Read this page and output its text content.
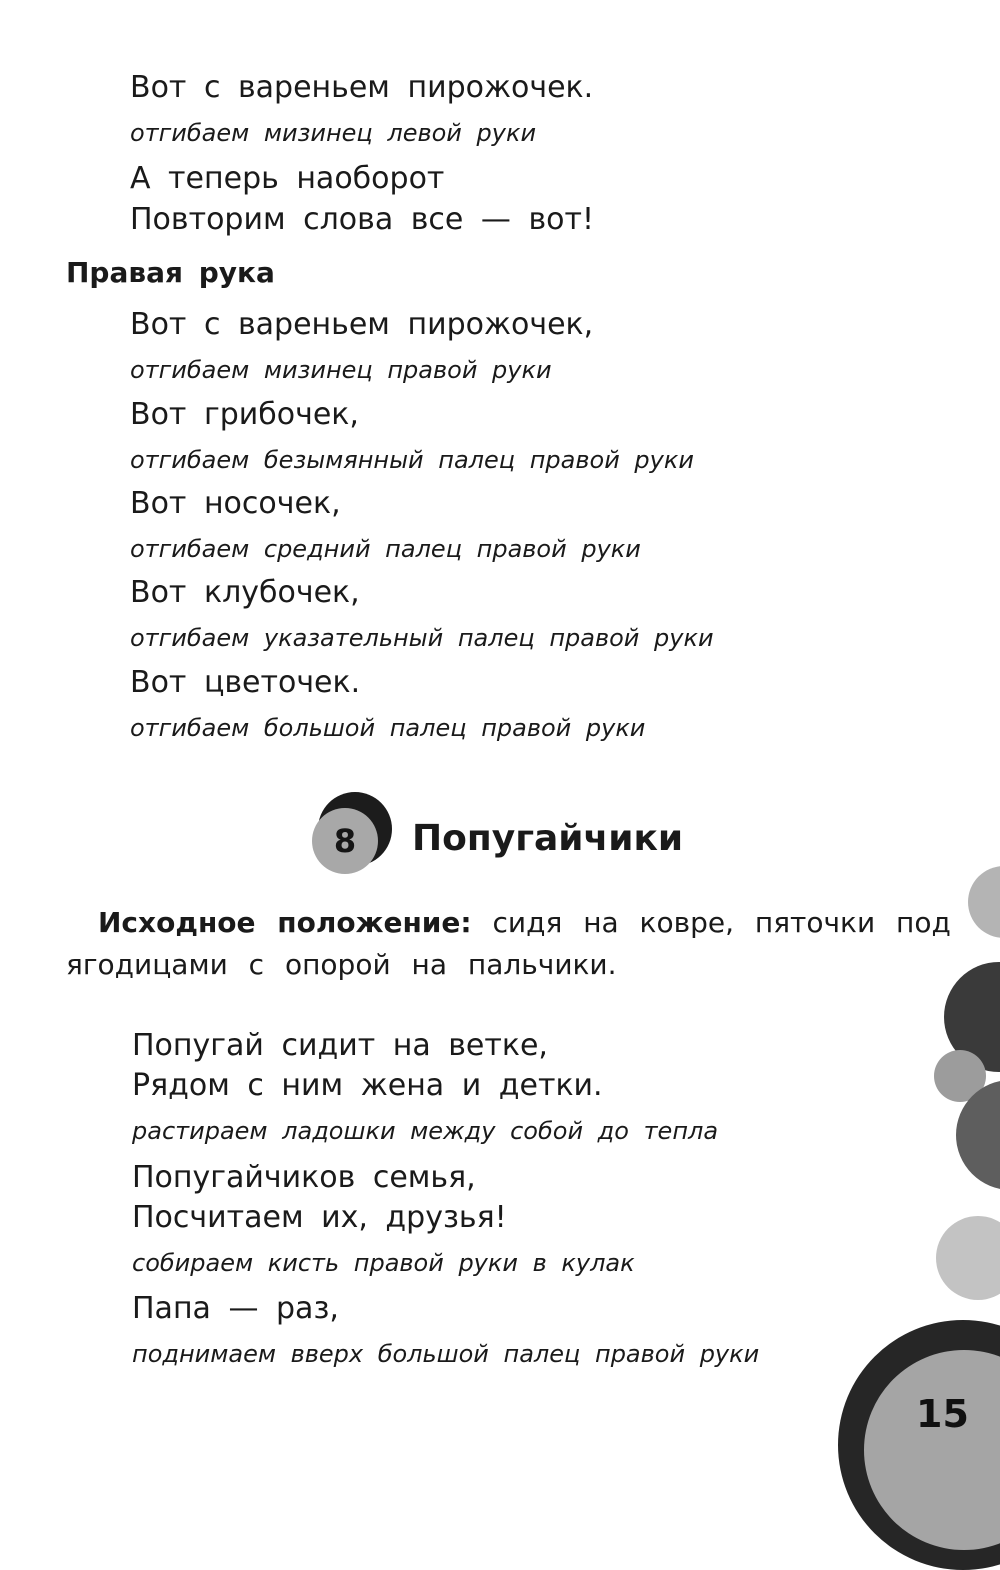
Вот с вареньем пирожочек.
отгибаем мизинец левой руки
А теперь наоборот
Повторим слова все — вот!
Правая рука
Вот с вареньем пирожочек,
отгибаем мизинец правой руки
Вот грибочек,
отгибаем безымянный палец правой руки
Вот носочек,
отгибаем средний палец правой руки
Вот клубочек,
отгибаем указательный палец правой руки
Вот цветочек.
отгибаем большой палец правой руки
8 Попугайчики
Исходное положение: сидя на ковре, пяточки под
ягодицами с опорой на пальчики.
Попугай сидит на ветке,
Рядом с ним жена и детки.
растираем ладошки между собой до тепла
Попугайчиков семья,
Посчитаем их, друзья!
собираем кисть правой руки в кулак
Папа — раз,
поднимаем вверх большой палец правой руки
15
